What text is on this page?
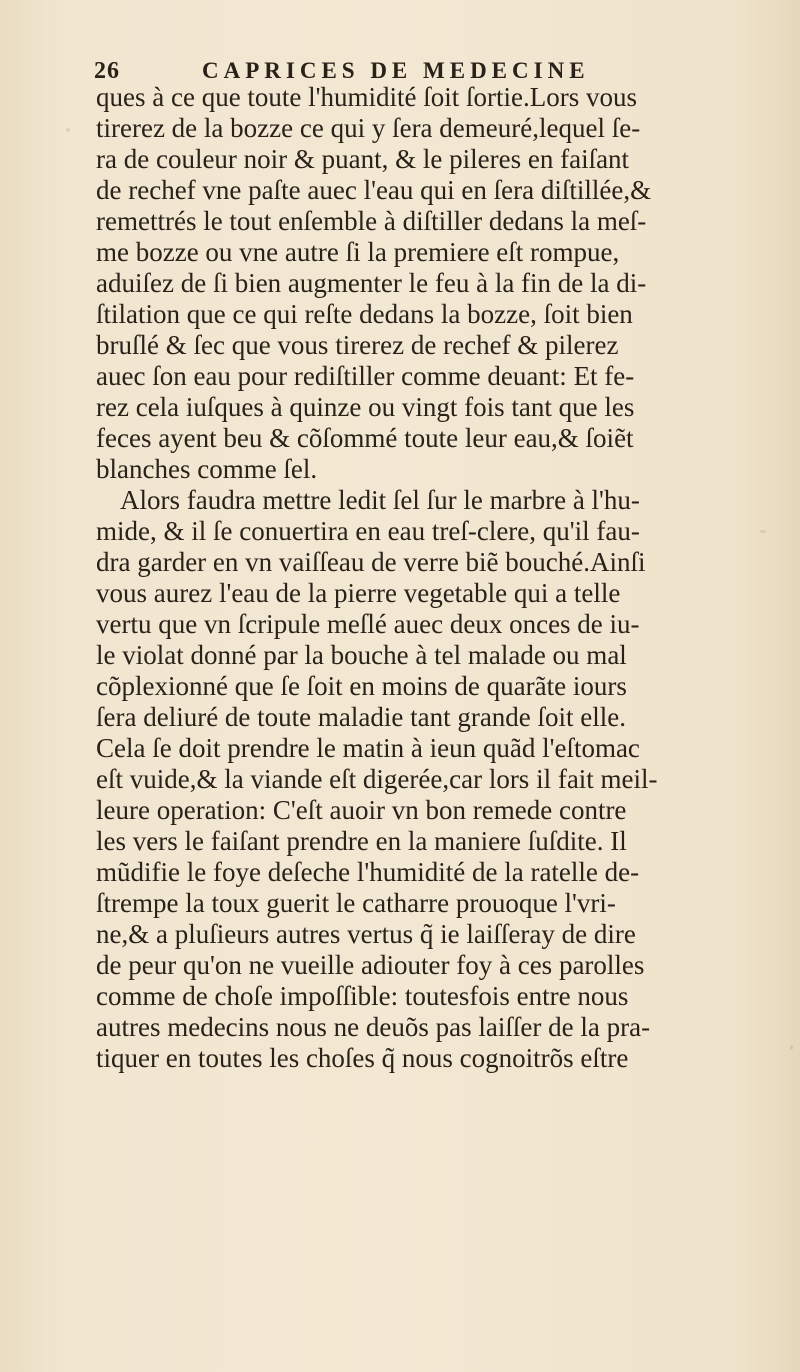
26	CAPRICES DE MEDECINE
ques à ce que toute l'humidité ſoit ſortie.Lors vous
tirerez de la bozze ce qui y ſera demeuré,lequel ſe-
ra de couleur noir & puant, & le pileres en faiſant
de rechef vne paſte auec l'eau qui en ſera diſtillée,&
remettrés le tout enſemble à diſtiller dedans la meſ-
me bozze ou vne autre ſi la premiere eſt rompue,
aduiſez de ſi bien augmenter le feu à la fin de la di-
ſtilation que ce qui reſte dedans la bozze, ſoit bien
bruſlé & ſec que vous tirerez de rechef & pilerez
auec ſon eau pour rediſtiller comme deuant: Et fe-
rez cela iuſques à quinze ou vingt fois tant que les
feces ayent beu & cõſommé toute leur eau,& ſoiẽt
blanches comme ſel.
Alors faudra mettre ledit ſel ſur le marbre à l'hu-
mide, & il ſe conuertira en eau treſ-clere, qu'il fau-
dra garder en vn vaiſſeau de verre biẽ bouché.Ainſi
vous aurez l'eau de la pierre vegetable qui a telle
vertu que vn ſcripule meſlé auec deux onces de iu-
le violat donné par la bouche à tel malade ou mal
cõplexionné que ſe ſoit en moins de quarãte iours
ſera deliuré de toute maladie tant grande ſoit elle.
Cela ſe doit prendre le matin à ieun quãd l'eſtomac
eſt vuide,& la viande eſt digerée,car lors il fait meil-
leure operation: C'eſt auoir vn bon remede contre
les vers le faiſant prendre en la maniere ſuſdite. Il
mũdifie le foye deſeche l'humidité de la ratelle de-
ſtrempe la toux guerit le catharre prouoque l'vri-
ne,& a pluſieurs autres vertus q̃ ie laiſſeray de dire
de peur qu'on ne vueille adiouter foy à ces parolles
comme de choſe impoſſible: toutesfois entre nous
autres medecins nous ne deuõs pas laiſſer de la pra-
tiquer en toutes les choſes q̃ nous cognoitrõs eſtre
